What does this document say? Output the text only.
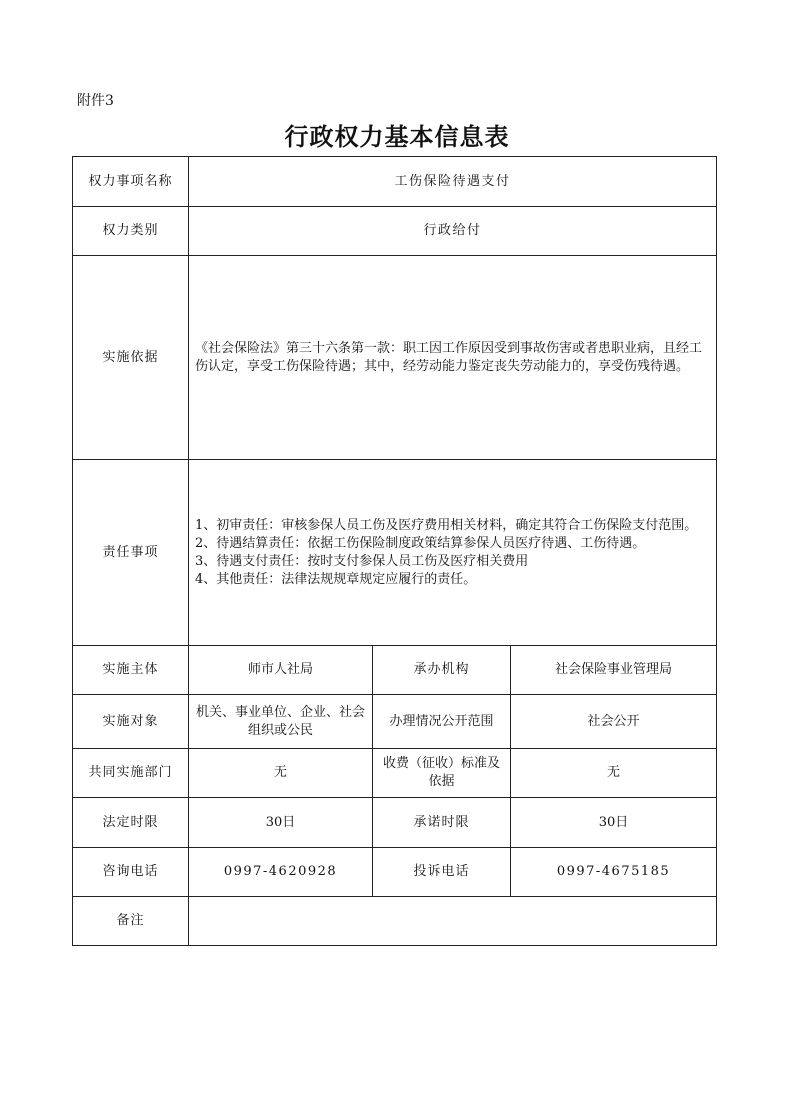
附件3
行政权力基本信息表
权力事项名称	工伤保险待遇支付		
权力类别	行政给付		
实施依据	《社会保险法》第三十六条第一款：职工因工作原因受到事故伤害或者患职业病，且经工伤认定，享受工伤保险待遇；其中，经劳动能力鉴定丧失劳动能力的，享受伤残待遇。		
责任事项	1、初审责任：审核参保人员工伤及医疗费用相关材料，确定其符合工伤保险支付范围。
2、待遇结算责任：依据工伤保险制度政策结算参保人员医疗待遇、工伤待遇。
3、待遇支付责任：按时支付参保人员工伤及医疗相关费用
4、其他责任：法律法规规章规定应履行的责任。		

实施主体	师市人社局	承办机构	社会保险事业管理局
实施对象	机关、事业单位、企业、社会组织或公民	办理情况公开范围	社会公开
共同实施部门	无	收费（征收）标准及依据	无
法定时限	30日	承诺时限	30日
咨询电话	0997-4620928	投诉电话	0997-4675185
备注			
